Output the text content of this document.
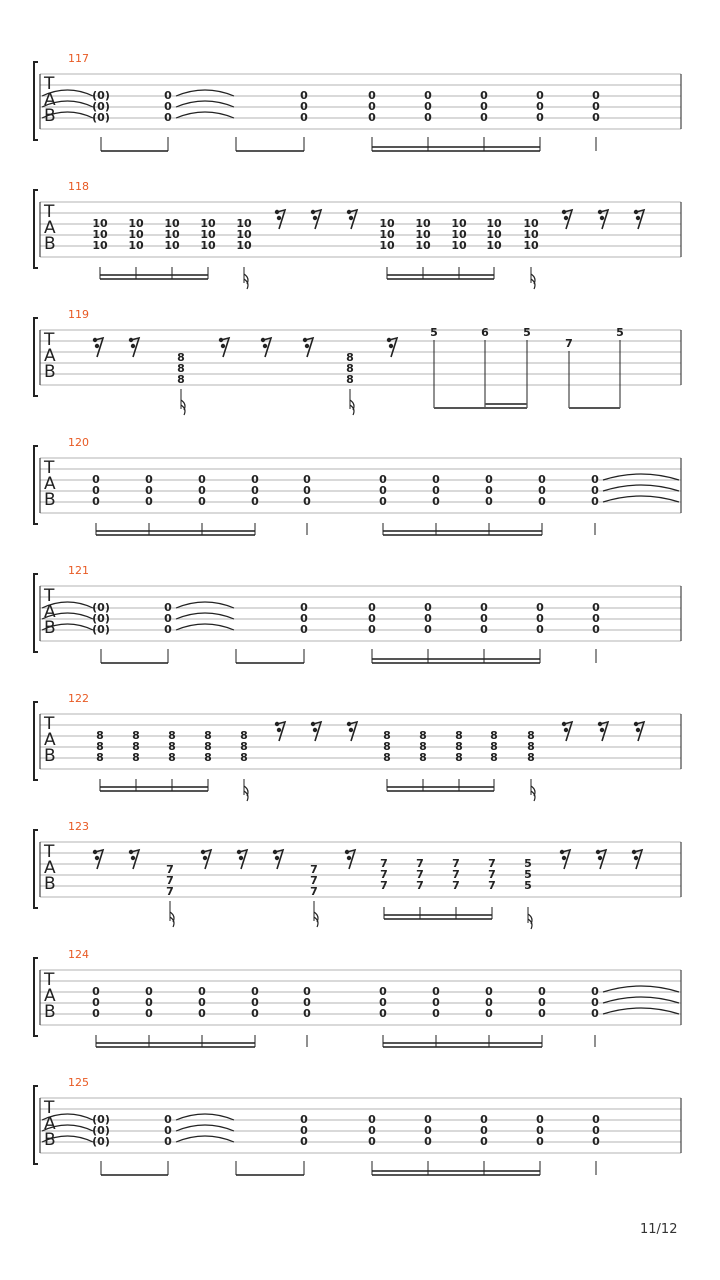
T
A
B
117
(0)
(0)
(0)
0
0
0
0
0
0
0
0
0
0
0
0
0
0
0
0
0
0
0
0
0
T
A
B
118
10
10
10
10
10
10
10
10
10
10
10
10
10
10
10
10
10
10
10
10
10
10
10
10
10
10
10
10
10
10
T
A
B
119
8
8
8
8
8
8
5	6	5
7
5
T
A
B
120
0
0
0
0
0
0
0
0
0
0
0
0
0
0
0
0
0
0
0
0
0
0
0
0
0
0
0
0
0
0
T
A
B
121
(0)
(0)
(0)
0
0
0
0
0
0
0
0
0
0
0
0
0
0
0
0
0
0
0
0
0
T
A
B
122
8
8
8
8
8
8
8
8
8
8
8
8
8
8
8
8
8
8
8
8
8
8
8
8
8
8
8
8
8
8
T
A
B
123
7
7
7
7
7
7
7
7
7
7
7
7
7
7
7
7
7
7
5
5
5
T
A
B
124
0
0
0
0
0
0
0
0
0
0
0
0
0
0
0
0
0
0
0
0
0
0
0
0
0
0
0
0
0
0
T
A
B
125
(0)
(0)
(0)
0
0
0
0
0
0
0
0
0
0
0
0
0
0
0
0
0
0
0
0
0
11/12
